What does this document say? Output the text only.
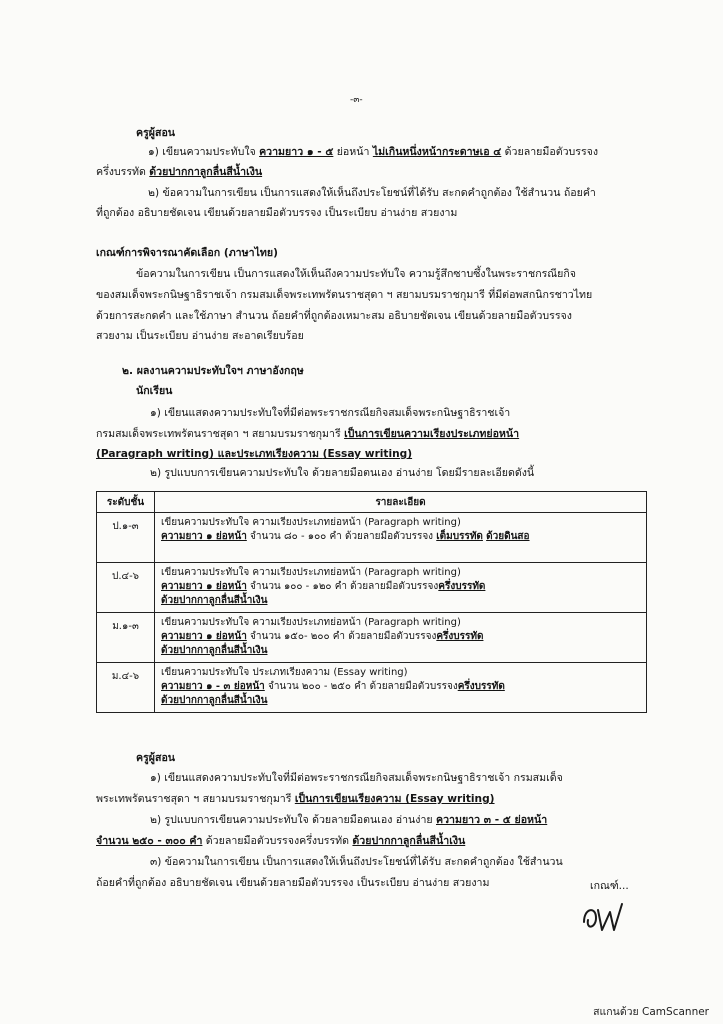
-๓-
ครูผู้สอน
๑) เขียนความประทับใจ ความยาว ๑ - ๕ ย่อหน้า ไม่เกินหนึ่งหน้ากระดาษเอ ๔ ด้วยลายมือตัวบรรจง
ครึ่งบรรทัด ด้วยปากกาลูกลื่นสีน้ำเงิน
๒) ข้อความในการเขียน เป็นการแสดงให้เห็นถึงประโยชน์ที่ได้รับ สะกดคำถูกต้อง ใช้สำนวน ถ้อยคำ
ที่ถูกต้อง อธิบายชัดเจน เขียนด้วยลายมือตัวบรรจง เป็นระเบียบ อ่านง่าย สวยงาม
เกณฑ์การพิจารณาคัดเลือก (ภาษาไทย)
ข้อความในการเขียน เป็นการแสดงให้เห็นถึงความประทับใจ ความรู้สึกซาบซึ้งในพระราชกรณียกิจ
ของสมเด็จพระกนิษฐาธิราชเจ้า กรมสมเด็จพระเทพรัตนราชสุดา ฯ สยามบรมราชกุมารี ที่มีต่อพสกนิกรชาวไทย
ด้วยการสะกดคำ และใช้ภาษา สำนวน ถ้อยคำที่ถูกต้องเหมาะสม อธิบายชัดเจน เขียนด้วยลายมือตัวบรรจง
สวยงาม เป็นระเบียบ อ่านง่าย สะอาดเรียบร้อย
๒. ผลงานความประทับใจฯ ภาษาอังกฤษ
นักเรียน
๑) เขียนแสดงความประทับใจที่มีต่อพระราชกรณียกิจสมเด็จพระกนิษฐาธิราชเจ้า
กรมสมเด็จพระเทพรัตนราชสุดา ฯ สยามบรมราชกุมารี เป็นการเขียนความเรียงประเภทย่อหน้า
(Paragraph writing) และประเภทเรียงความ (Essay writing)
๒) รูปแบบการเขียนความประทับใจ ด้วยลายมือตนเอง อ่านง่าย โดยมีรายละเอียดดังนี้
ระดับชั้น	รายละเอียด
ป.๑-๓	เขียนความประทับใจ ความเรียงประเภทย่อหน้า (Paragraph writing)
ความยาว ๑ ย่อหน้า จำนวน ๘๐ - ๑๐๐ คำ ด้วยลายมือตัวบรรจง เต็มบรรทัด ด้วยดินสอ

ป.๔-๖	เขียนความประทับใจ ความเรียงประเภทย่อหน้า (Paragraph writing)
ความยาว ๑ ย่อหน้า จำนวน ๑๐๐ - ๑๒๐ คำ ด้วยลายมือตัวบรรจงครึ่งบรรทัด
ด้วยปากกาลูกลื่นสีน้ำเงิน

ม.๑-๓	เขียนความประทับใจ ความเรียงประเภทย่อหน้า (Paragraph writing)
ความยาว ๑ ย่อหน้า จำนวน ๑๕๐- ๒๐๐ คำ ด้วยลายมือตัวบรรจงครึ่งบรรทัด
ด้วยปากกาลูกลื่นสีน้ำเงิน

ม.๔-๖	เขียนความประทับใจ ประเภทเรียงความ (Essay writing)
ความยาว ๑ - ๓ ย่อหน้า จำนวน ๒๐๐ - ๒๕๐ คำ ด้วยลายมือตัวบรรจงครึ่งบรรทัด
ด้วยปากกาลูกลื่นสีน้ำเงิน
ครูผู้สอน
๑) เขียนแสดงความประทับใจที่มีต่อพระราชกรณียกิจสมเด็จพระกนิษฐาธิราชเจ้า กรมสมเด็จ
พระเทพรัตนราชสุดา ฯ สยามบรมราชกุมารี เป็นการเขียนเรียงความ (Essay writing)
๒) รูปแบบการเขียนความประทับใจ ด้วยลายมือตนเอง อ่านง่าย ความยาว ๓ - ๕ ย่อหน้า
จำนวน ๒๕๐ - ๓๐๐ คำ ด้วยลายมือตัวบรรจงครึ่งบรรทัด ด้วยปากกาลูกลื่นสีน้ำเงิน
๓) ข้อความในการเขียน เป็นการแสดงให้เห็นถึงประโยชน์ที่ได้รับ สะกดคำถูกต้อง ใช้สำนวน
ถ้อยคำที่ถูกต้อง อธิบายชัดเจน เขียนด้วยลายมือตัวบรรจง เป็นระเบียบ อ่านง่าย สวยงาม	เกณฑ์...
สแกนด้วย CamScanner
